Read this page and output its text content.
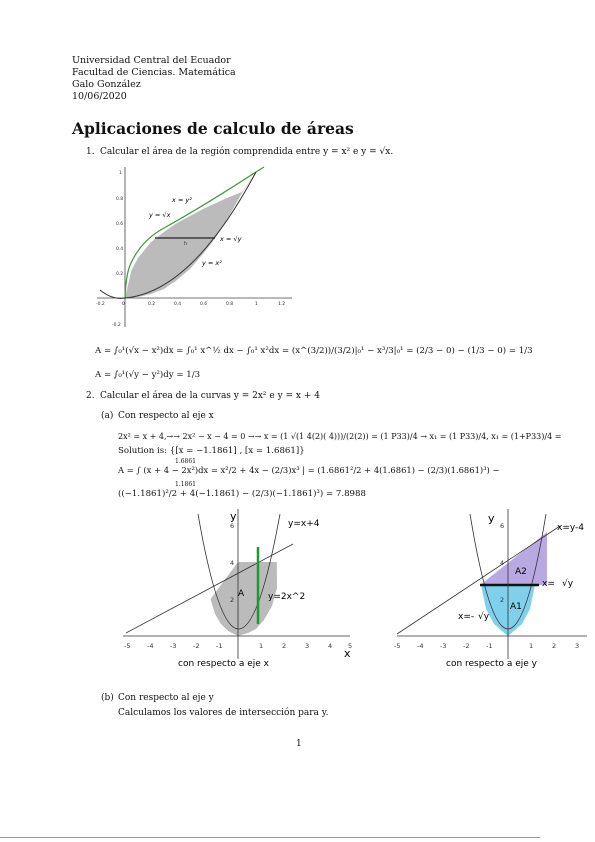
Universidad Central del Ecuador
Facultad de Ciencias. Matemática
Galo González
10/06/2020
Aplicaciones de calculo de áreas
1. Calcular el área de la región comprendida entre y = x² e y = √x.
h
x = y²
y = √x
x = √y
y = x²
-0.2	0	0.2	0.4	0.6	0.8	1	1.2
-0.2
0.2
0.4
0.6
0.8
1
A = ∫₀¹(√x − x²)dx = ∫₀¹ x^½ dx − ∫₀¹ x²dx = (x^(3/2))/(3/2)|₀¹ − x³/3|₀¹ = (2/3 − 0) − (1/3 − 0) = 1/3
A = ∫₀¹(√y − y²)dy = 1/3
2. Calcular el área de la curvas y = 2x² e y = x + 4
(a) Con respecto al eje x
2x² = x + 4,→→ 2x² − x − 4 = 0 →→ x = (1 √(1 4(2)( 4)))/(2(2)) = (1 P33)/4 → x₁ = (1 P33)/4, x₁ = (1+P33)/4 =
Solution is: {[x = −1.1861] , [x = 1.6861]}
1.6861
A = ∫ (x + 4 − 2x²)dx = x²/2 + 4x − (2/3)x³ | = (1.6861²/2 + 4(1.6861) − (2/3)(1.6861)³) −
1.1861
((−1.1861)²/2 + 4(−1.1861) − (2/3)(−1.1861)³) = 7.8988
y
x
y=x+4
y=2x^2
A
-5	-4	-3	-2	-1	1	2	3	4 5
2
4
6
con respecto a eje x
y
x=y-4
A2
A1
x=
x=-
√y
√y
-5	-4	-3	-2	-1	1	2	3
2
4
6
con respecto a eje y
(b) Con respecto al eje y
Calculamos los valores de intersección para y.
1
